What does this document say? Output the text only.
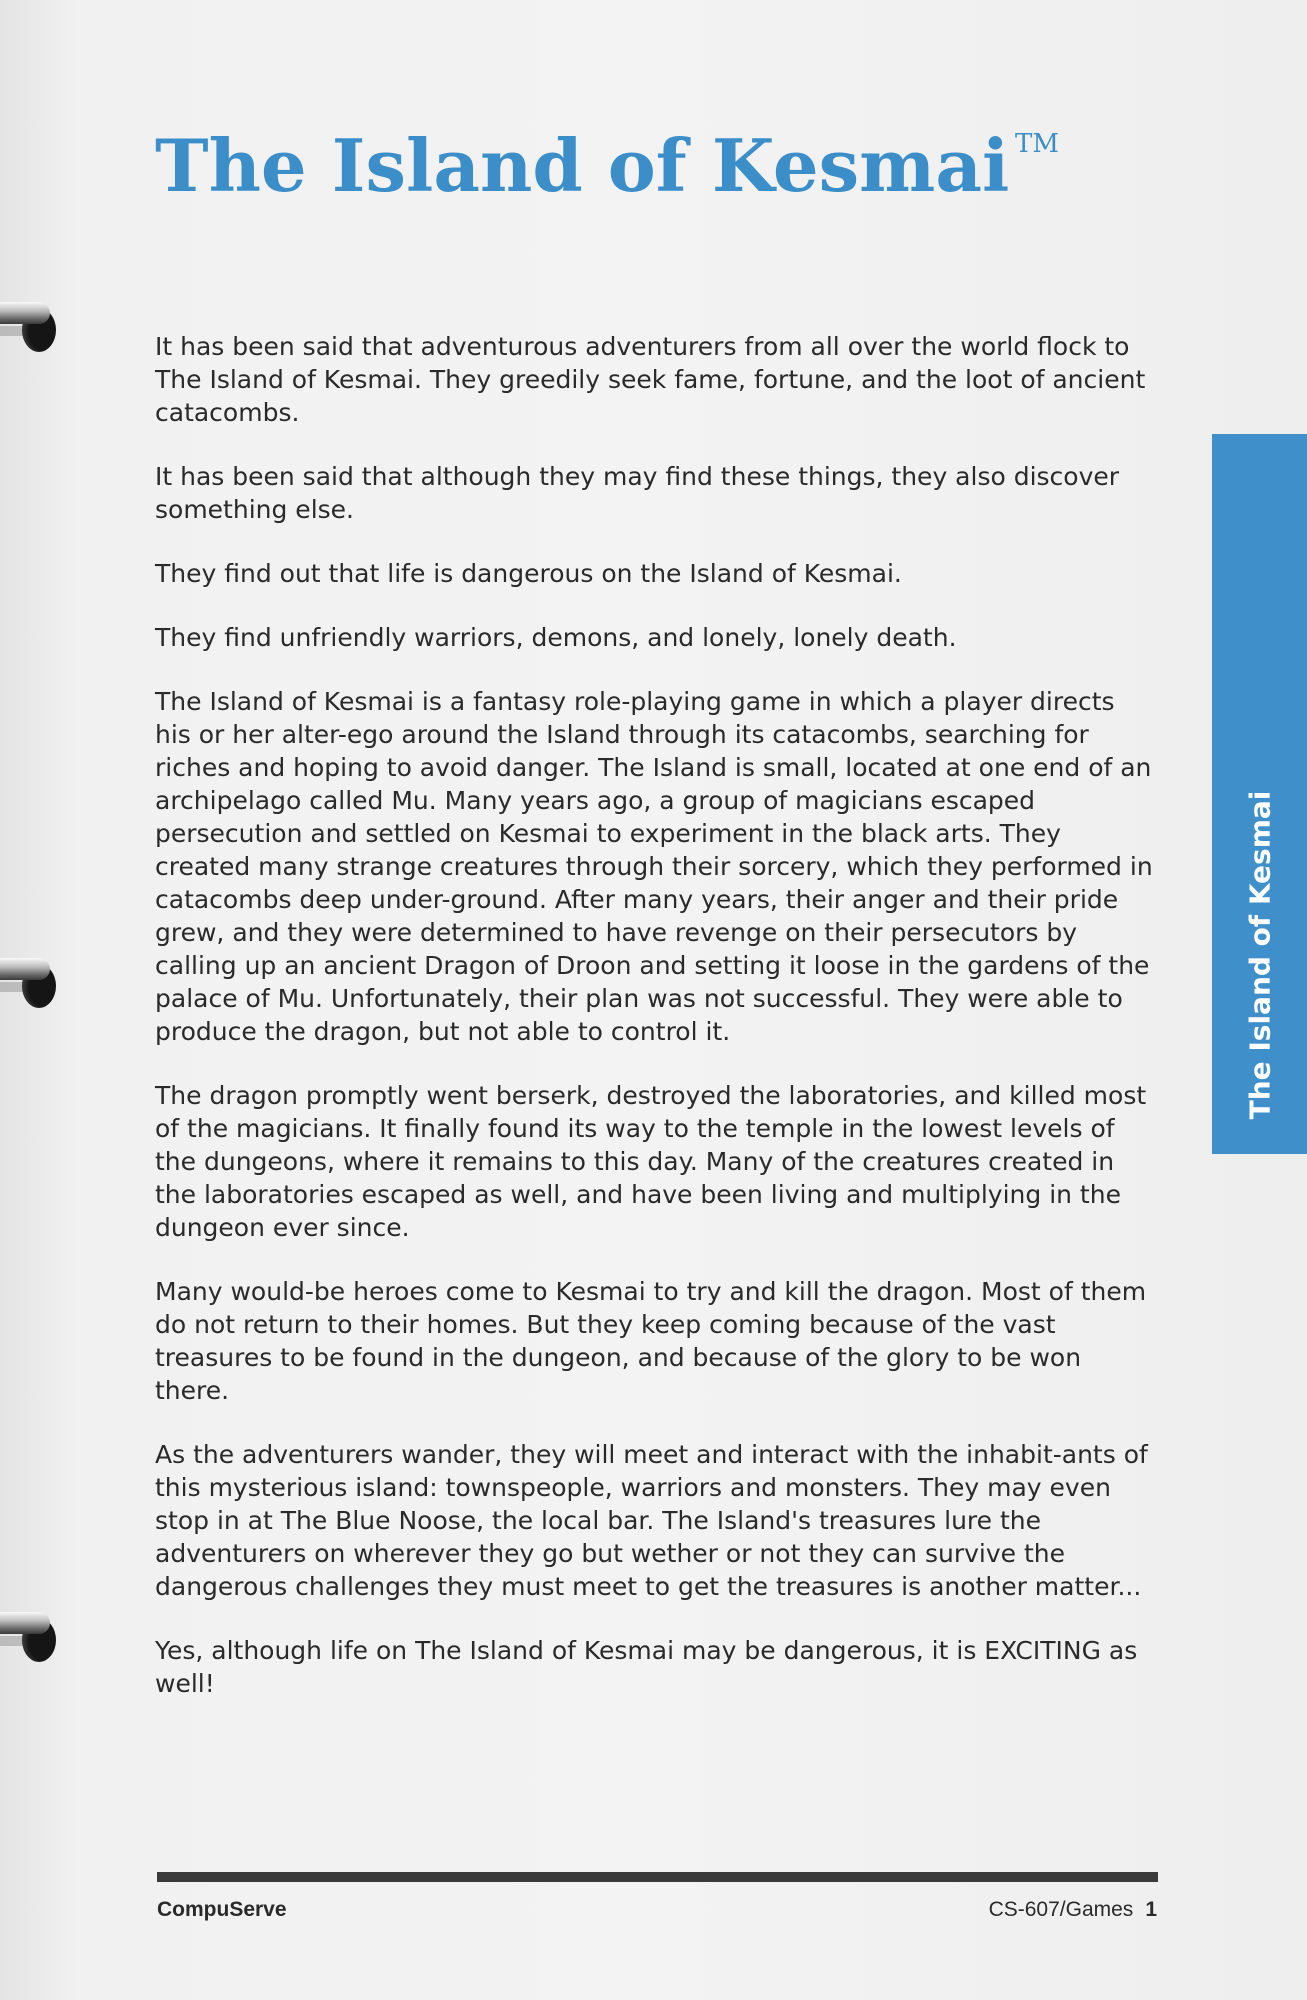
The Island of Kesmai TM
The Island of Kesmai

It has been said that adventurous adventurers from all over the world flock to The Island of Kesmai. They greedily seek fame, fortune, and the loot of ancient catacombs.

It has been said that although they may find these things, they also discover something else.

They find out that life is dangerous on the Island of Kesmai.

They find unfriendly warriors, demons, and lonely, lonely death.

The Island of Kesmai is a fantasy role-playing game in which a player directs his or her alter-ego around the Island through its catacombs, searching for riches and hoping to avoid danger. The Island is small, located at one end of an archipelago called Mu. Many years ago, a group of magicians escaped persecution and settled on Kesmai to experiment in the black arts. They created many strange creatures through their sorcery, which they performed in catacombs deep under-ground. After many years, their anger and their pride grew, and they were determined to have revenge on their persecutors by calling up an ancient Dragon of Droon and setting it loose in the gardens of the palace of Mu. Unfortunately, their plan was not successful. They were able to produce the dragon, but not able to control it.

The dragon promptly went berserk, destroyed the laboratories, and killed most of the magicians. It finally found its way to the temple in the lowest levels of the dungeons, where it remains to this day. Many of the creatures created in the laboratories escaped as well, and have been living and multiplying in the dungeon ever since.

Many would-be heroes come to Kesmai to try and kill the dragon. Most of them do not return to their homes. But they keep coming because of the vast treasures to be found in the dungeon, and because of the glory to be won there.

As the adventurers wander, they will meet and interact with the inhabit-ants of this mysterious island: townspeople, warriors and monsters. They may even stop in at The Blue Noose, the local bar. The Island's treasures lure the adventurers on wherever they go but wether or not they can survive the dangerous challenges they must meet to get the treasures is another matter...

Yes, although life on The Island of Kesmai may be dangerous, it is EXCITING as well!

CompuServe	CS-607/Games 1
